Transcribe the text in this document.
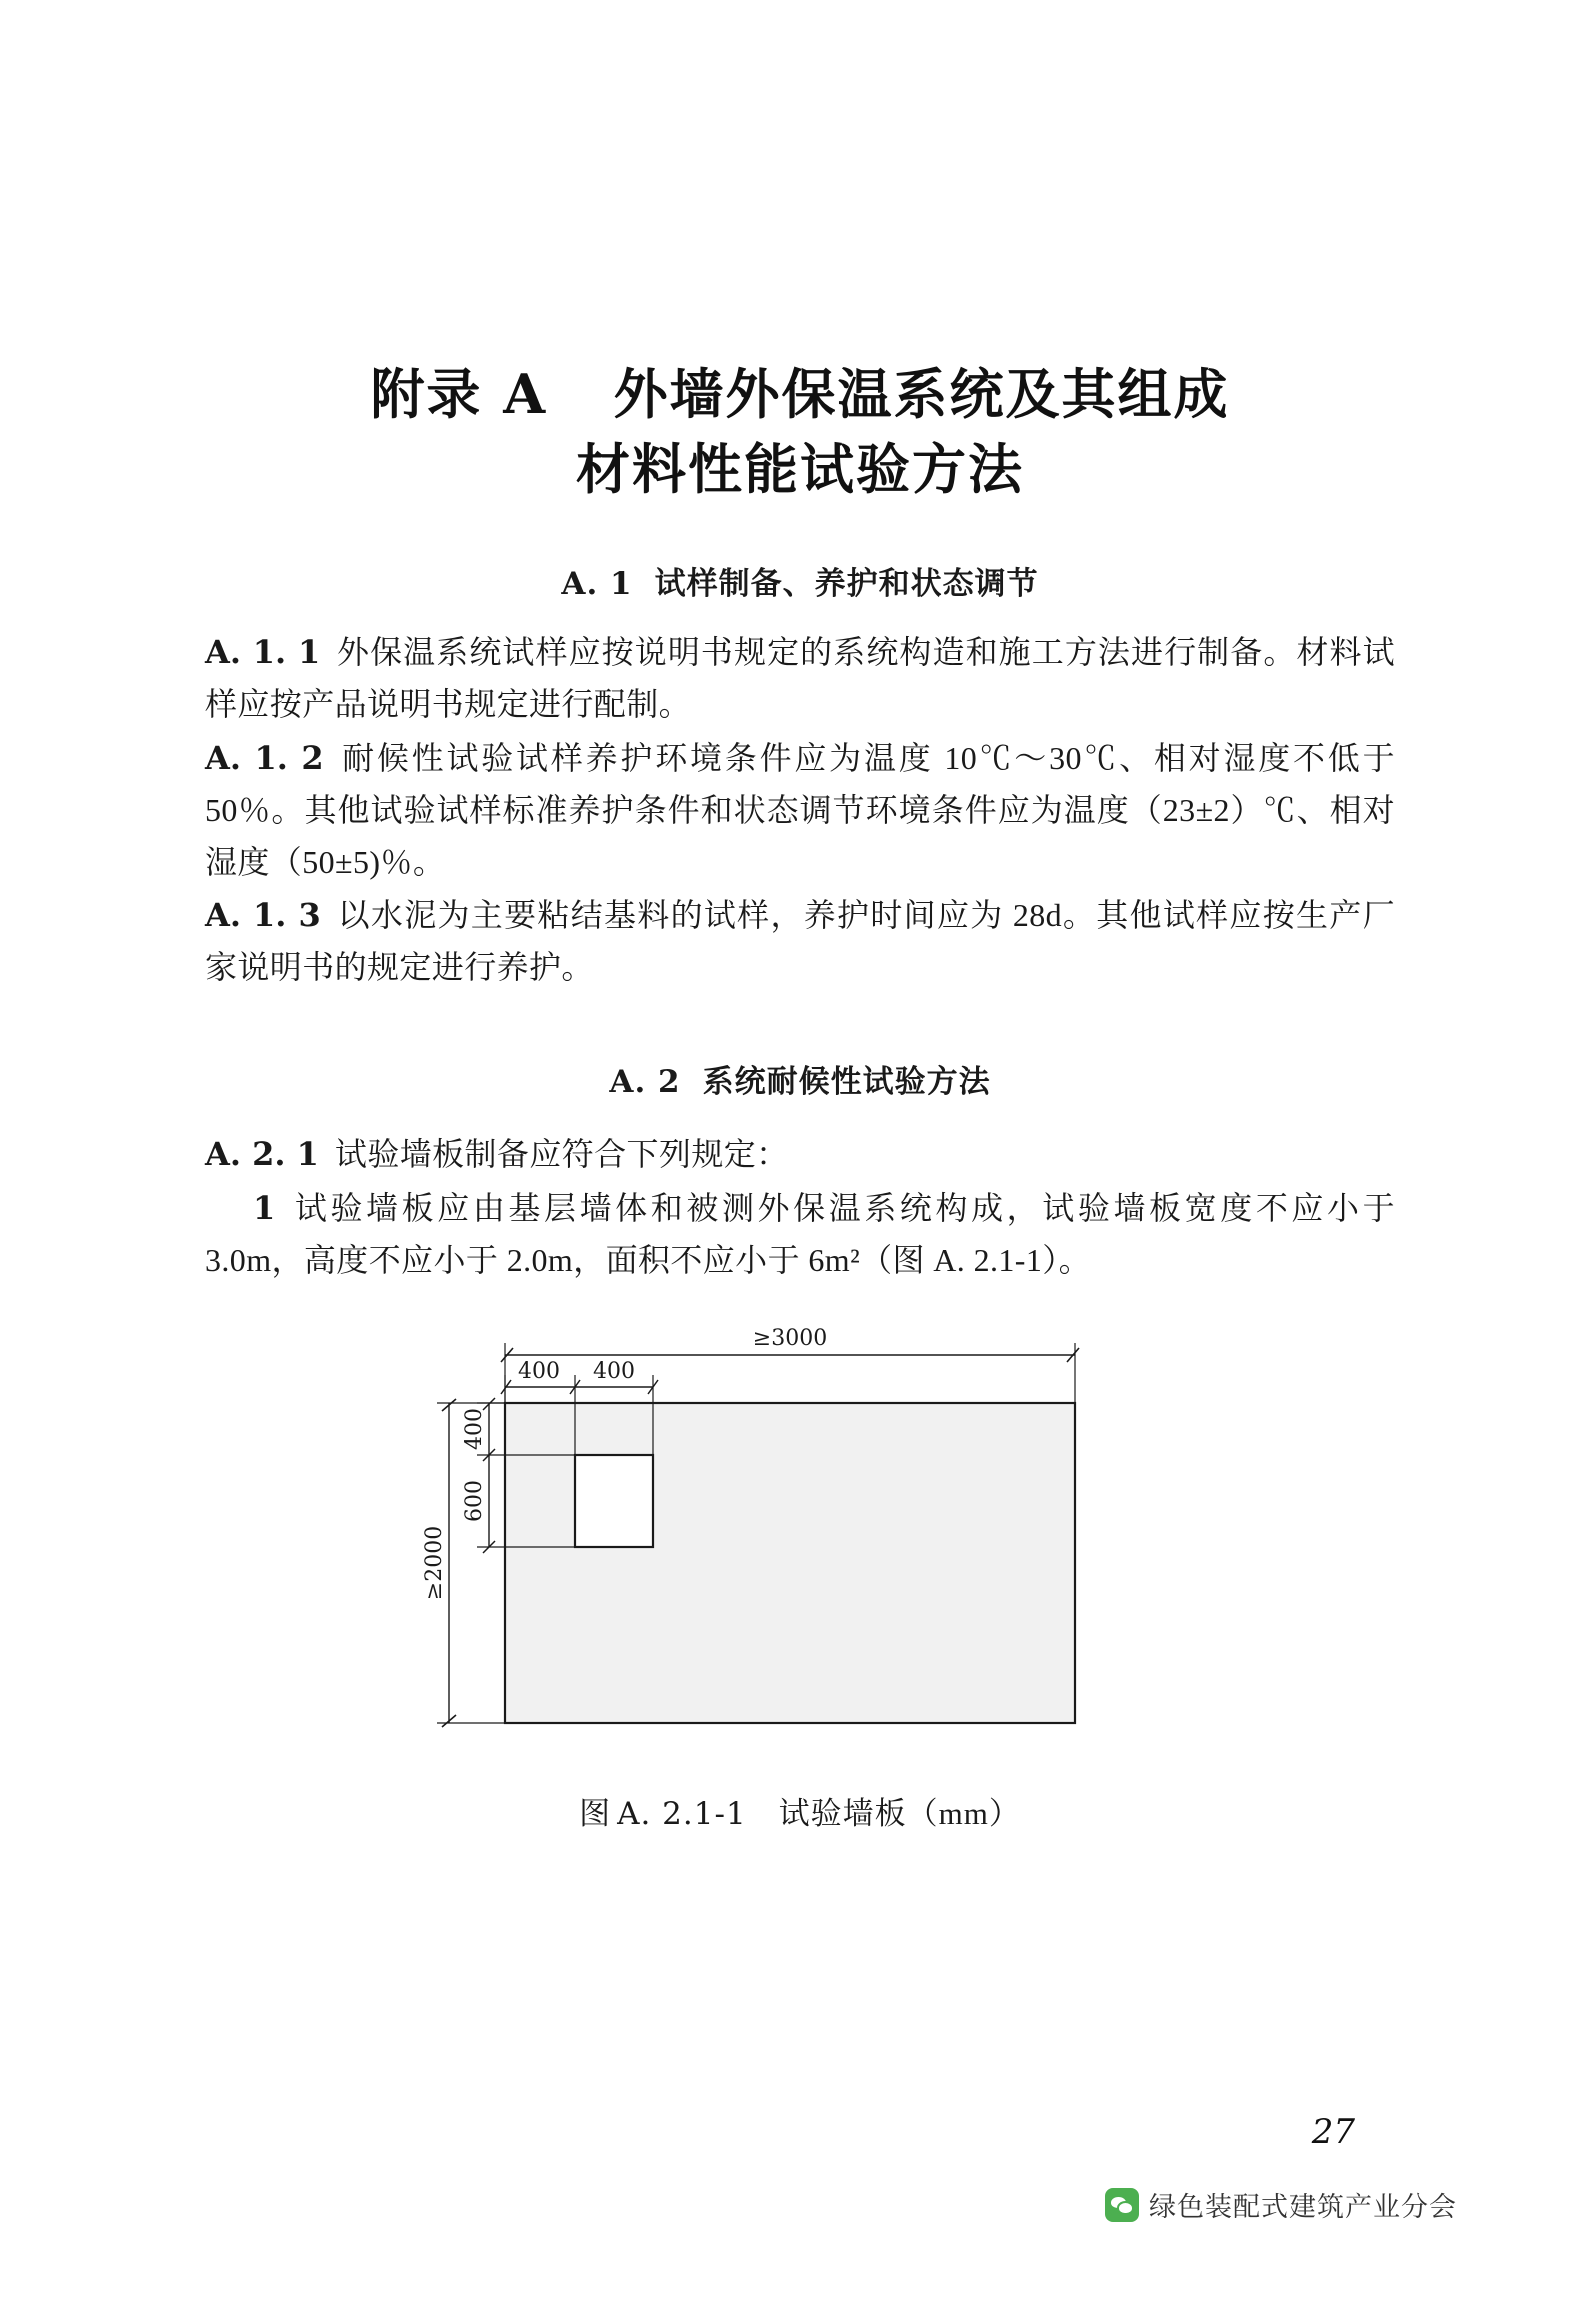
附录 A 外墙外保温系统及其组成
材料性能试验方法
A. 1 试样制备、养护和状态调节

A. 1. 1 外保温系统试样应按说明书规定的系统构造和施工方法进行制备。材料试样应按产品说明书规定进行配制。

A. 1. 2 耐候性试验试样养护环境条件应为温度 10℃～30℃、相对湿度不低于 50％。其他试验试样标准养护条件和状态调节环境条件应为温度（23±2）℃、相对湿度（50±5)％。

A. 1. 3 以水泥为主要粘结基料的试样，养护时间应为 28d。其他试样应按生产厂家说明书的规定进行养护。

A. 2 系统耐候性试验方法

A. 2. 1 试验墙板制备应符合下列规定：

1 试验墙板应由基层墙体和被测外保温系统构成，试验墙板宽度不应小于 3.0m，高度不应小于 2.0m，面积不应小于 6m²（图 A. 2.1-1）。

≥3000
400 400
≥2000
400
600
图 A. 2.1-1 试验墙板（mm）
27
绿色装配式建筑产业分会
